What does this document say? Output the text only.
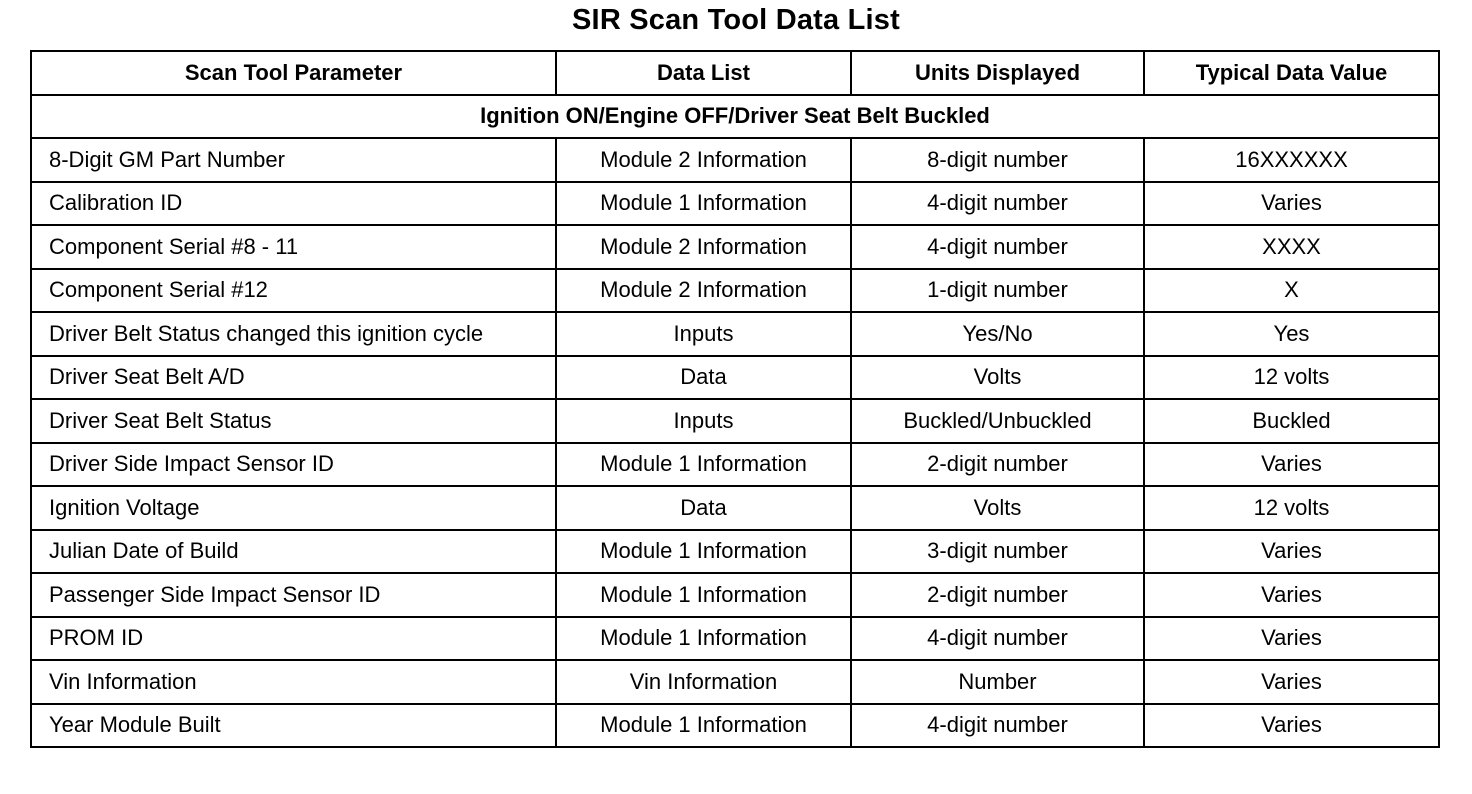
SIR Scan Tool Data List
Scan Tool Parameter	Data List	Units Displayed	Typical Data Value
Ignition ON/Engine OFF/Driver Seat Belt Buckled			
8-Digit GM Part Number	Module 2 Information	8-digit number	16XXXXXX
Calibration ID	Module 1 Information	4-digit number	Varies
Component Serial #8 - 11	Module 2 Information	4-digit number	XXXX
Component Serial #12	Module 2 Information	1-digit number	X
Driver Belt Status changed this ignition cycle	Inputs	Yes/No	Yes
Driver Seat Belt A/D	Data	Volts	12 volts
Driver Seat Belt Status	Inputs	Buckled/Unbuckled	Buckled
Driver Side Impact Sensor ID	Module 1 Information	2-digit number	Varies
Ignition Voltage	Data	Volts	12 volts
Julian Date of Build	Module 1 Information	3-digit number	Varies
Passenger Side Impact Sensor ID	Module 1 Information	2-digit number	Varies
PROM ID	Module 1 Information	4-digit number	Varies
Vin Information	Vin Information	Number	Varies
Year Module Built	Module 1 Information	4-digit number	Varies
